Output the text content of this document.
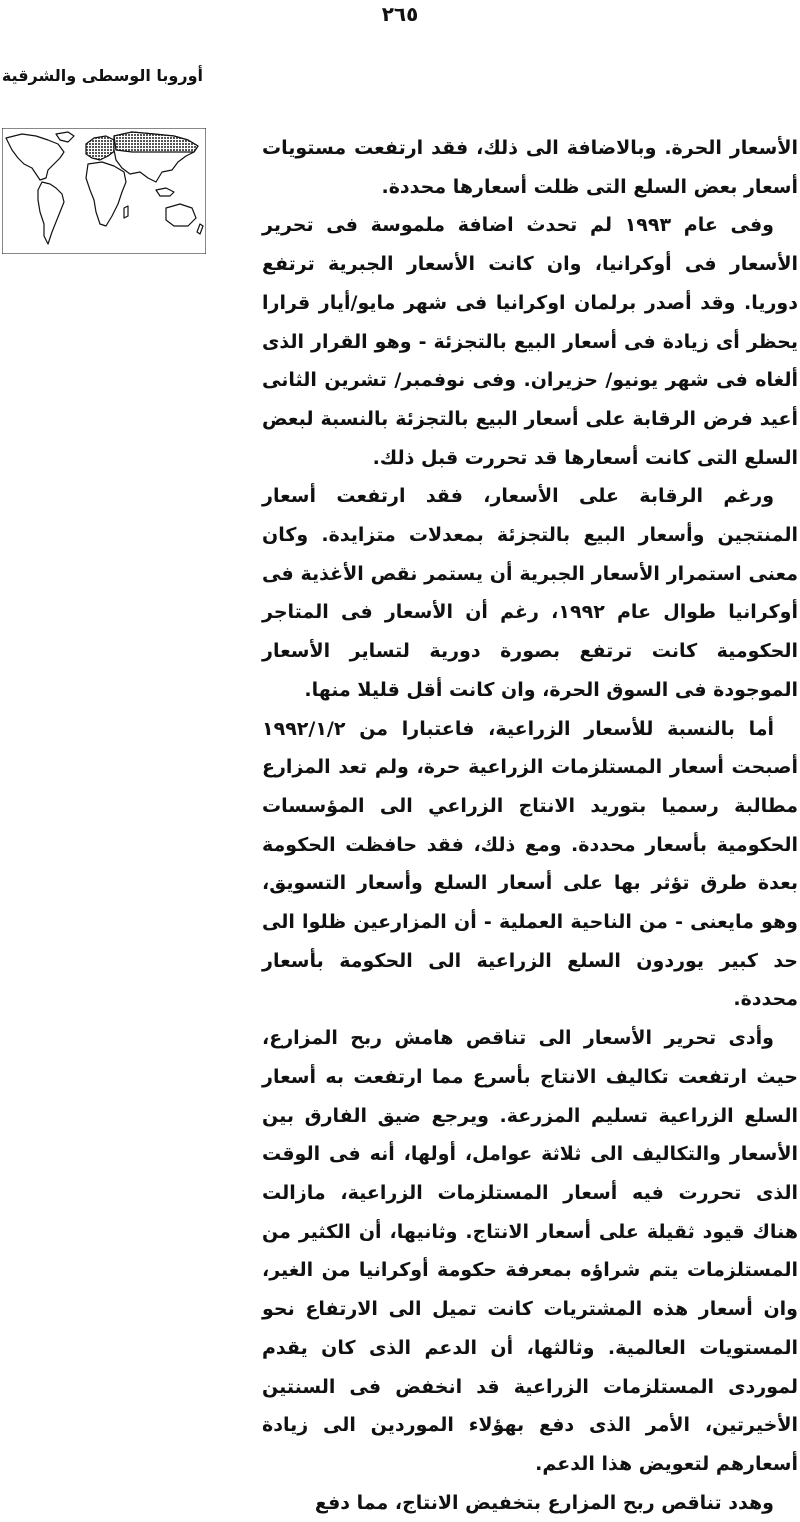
٢٦٥
أوروبا الوسطى والشرقية

الأسعار الحرة. وبالاضافة الى ذلك، فقد ارتفعت مستويات أسعار بعض السلع التى ظلت أسعارها محددة.

وفى عام ١٩٩٣ لم تحدث اضافة ملموسة فى تحرير الأسعار فى أوكرانيا، وان كانت الأسعار الجبرية ترتفع دوريا. وقد أصدر برلمان اوكرانيا فى شهر مايو/أيار قرارا يحظر أى زيادة فى أسعار البيع بالتجزئة - وهو القرار الذى ألغاه فى شهر يونيو/ حزيران. وفى نوفمبر/ تشرين الثانى أعيد فرض الرقابة على أسعار البيع بالتجزئة بالنسبة لبعض السلع التى كانت أسعارها قد تحررت قبل ذلك.

ورغم الرقابة على الأسعار، فقد ارتفعت أسعار المنتجين وأسعار البيع بالتجزئة بمعدلات متزايدة. وكان معنى استمرار الأسعار الجبرية أن يستمر نقص الأغذية فى أوكرانيا طوال عام ١٩٩٢، رغم أن الأسعار فى المتاجر الحكومية كانت ترتفع بصورة دورية لتساير الأسعار الموجودة فى السوق الحرة، وان كانت أقل قليلا منها.

أما بالنسبة للأسعار الزراعية، فاعتبارا من ١٩٩٢/١/٢ أصبحت أسعار المستلزمات الزراعية حرة، ولم تعد المزارع مطالبة رسميا بتوريد الانتاج الزراعي الى المؤسسات الحكومية بأسعار محددة. ومع ذلك، فقد حافظت الحكومة بعدة طرق تؤثر بها على أسعار السلع وأسعار التسويق، وهو مايعنى - من الناحية العملية - أن المزارعين ظلوا الى حد كبير يوردون السلع الزراعية الى الحكومة بأسعار محددة.

وأدى تحرير الأسعار الى تناقص هامش ربح المزارع، حيث ارتفعت تكاليف الانتاج بأسرع مما ارتفعت به أسعار السلع الزراعية تسليم المزرعة. ويرجع ضيق الفارق بين الأسعار والتكاليف الى ثلاثة عوامل، أولها، أنه فى الوقت الذى تحررت فيه أسعار المستلزمات الزراعية، مازالت هناك قيود ثقيلة على أسعار الانتاج. وثانيها، أن الكثير من المستلزمات يتم شراؤه بمعرفة حكومة أوكرانيا من الغير، وان أسعار هذه المشتريات كانت تميل الى الارتفاع نحو المستويات العالمية. وثالثها، أن الدعم الذى كان يقدم لموردى المستلزمات الزراعية قد انخفض فى السنتين الأخيرتين، الأمر الذى دفع بهؤلاء الموردين الى زيادة أسعارهم لتعويض هذا الدعم.

وهدد تناقص ربح المزارع بتخفيض الانتاج، مما دفع
